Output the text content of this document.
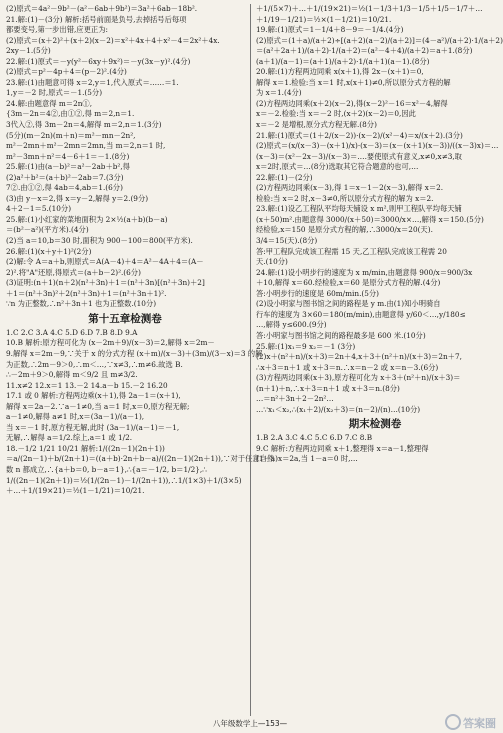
(2)原式＝4a²－9b²－(a²－6ab＋9b²)＝3a²＋6ab－18b².
21.解:(1)－(3分) 解析:括号前面是负号,去掉括号后每项
都要变号,第一步出错,应更正为:
(2)原式＝(x＋2)²＋(x＋2)(x－2)＝x²＋4x＋4＋x²－4＝2x²＋4x.
2xy－1.(5分)
22.解:(1)原式＝－y(y²－6xy＋9x²)＝－y(3x－y)².(4分)
(2)原式＝p²－4p＋4＝(p－2)².(4分)
23.解:(1)由题意可得 x＝2,y＝1,代入原式＝……＝1.
1,y＝－2 时,原式＝－1.(5分)
24.解:由题意得 m＝2n①,
{3m－2n＝4②,由①②,得 m＝2,n＝1.
3代入②,得 3m－2n＝4,解得 m＝2,n＝1.(3分)
(5分)(m－2n)(m＋n)＝m²－mn－2n²,
m²－2mn＋m²－2mn＝2mn,当 m＝2,n＝1 时,
m²－3mn＋n²＝4－6＋1＝－1.(8分)
25.解:(1)由(a－b)²＝a²－2ab＋b²,得
(2)a²＋b²＝(a＋b)²－2ab＝7.(3分)
7②.由①②,得 4ab＝4,ab＝1.(6分)
(3)由 y－x＝2,得 x＝y－2,解得 y＝2.(9分)
4＋2－1＝5.(10分)
25.解:(1)小红家的菜地面积为 2×½(a＋b)(b－a)
＝(b²－a²)(平方米).(4分)
(2)当 a＝10,b＝30 时,面积为 900－100＝800(平方米).
26.解:(1)(x＋y＋1)²(2分)
(2)解:令 A＝a＋b,则原式＝A(A－4)＋4＝A²－4A＋4＝(A－
2)².将"A"还原,得原式＝(a＋b－2)².(6分)
(3)证明:(n＋1)(n＋2)(n²＋3n)＋1＝(n²＋3n)[(n²＋3n)＋2]
＋1＝(n²＋3n)²＋2(n²＋3n)＋1＝(n²＋3n＋1)².
∵n 为正整数,∴n²＋3n＋1 也为正整数.(10分)
第十五章检测卷
1.C 2.C 3.A 4.C 5.D 6.D 7.B 8.D 9.A
10.B 解析:原方程可化为 (x－2m＋9)/(x－3)＝2,解得 x＝2m－
9.解得 x＝2m－9,∵关于 x 的分式方程 (x＋m)/(x－3)＋(3m)/(3－x)＝3 的解
为正数,∴2m－9＞0,∴m＜…,∵x≠3,∴m≠6.故选 B.
∴－2m＋9＞0,解得 m＜9/2 且 m≠3/2.
11.x≠2 12.x＝1 13.－2 14.a－b 15.－2 16.20
17.1 或 0 解析:方程两边乘(x＋1),得 2a－1＝(x＋1),
解得 x＝2a－2.∵a－1≠0,当 a＝1 时,x＝0,原方程无解;
a－1≠0,解得 a≠1 时,x＝(3a－1)/(a－1),
当 x＝－1 时,原方程无解,此时 (3a－1)/(a－1)＝－1,
无解,∴解得 a＝1/2.综上,a＝1 或 1/2.
18.－1/2 1/21 10/21 解析:1/((2n－1)(2n＋1))
＝a/(2n－1)＋b/(2n＋1)＝((a＋b)·2n＋b－a)/((2n－1)(2n＋1)),∵对于任意自然
数 n 都成立,∴{a＋b＝0, b－a＝1},∴{a＝－1/2, b＝1/2},∴
1/((2n－1)(2n＋1))＝½(1/(2n－1)－1/(2n＋1)),∴1/(1×3)＋1/(3×5)
＋…＋1/(19×21)＝½(1－1/21)＝10/21.
＋1/(5×7)＋…＋1/(19×21)＝½(1－1/3＋1/3－1/5＋1/5－1/7＋…
＋1/19－1/21)＝½×(1－1/21)＝10/21.
19.解:(1)原式＝1－1/4＋8－9＝－1/4.(4分)
(2)原式＝(1＋a)/(a＋2)÷[(a＋2)(a－2)/(a＋2)]＝(4－a²)/(a＋2)·1/(a＋2)
＝(a²＋2a＋1)/(a＋2)·1/(a＋2)＝(a²－4＋4)/(a＋2)＝a＋1.(8分)
(a＋1)/(a－1)＝(a＋1)/(a＋2)·1/(a＋1)(a－1).(8分)
20.解:(1)方程两边同乘 x(x＋1),得 2x－(x＋1)＝0,
解得 x＝1.检验:当 x＝1 时,x(x＋1)≠0,所以原分式方程的解
为 x＝1.(4分)
(2)方程两边同乘(x＋2)(x－2),得(x－2)²－16＝x²－4,解得
x＝－2.检验:当 x＝－2 时,(x＋2)(x－2)＝0,因此
x＝－2 是增根,原分式方程无解.(8分)
21.解:(1)原式＝(1＋2/(x－2))·(x－2)/(x²－4)＝x/(x＋2).(3分)
(2)原式＝(x/(x－3)－(x＋1)/x)·(x－3)＝(x－(x＋1)(x－3))/((x－3)x)＝…
(x－3)＝(x²－2x－3)/(x－3)＝….要使原式有意义,x≠0,x≠3,取
x＝2时,原式＝…(8分)选取其它符合题意的也可,…
22.解:(1)－(2分)
(2)方程两边同乘(x－3),得 1＝x－1－2(x－3),解得 x＝2.
检验:当 x＝2 时,x－3≠0,所以原分式方程的解为 x＝2.
23.解:(1)设乙工程队平均每天铺设 x m²,则甲工程队平均每天铺
(x＋50)m².由题意得 3000/(x＋50)＝3000/x×…,解得 x＝150.(5分)
经检验,x＝150 是原分式方程的解,∴3000/x＝20(天).
3/4＝15(天).(8分)
答:甲工程队完成该工程需 15 天,乙工程队完成该工程需 20
天.(10分)
24.解:(1)设小明步行的速度为 x m/min,由题意得 900/x＝900/3x
＋10,解得 x＝60.经检验,x＝60 是原分式方程的解.(4分)
答:小明步行的速度是 60m/min.(5分)
(2)设小明家与图书馆之间的路程是 y m.由(1)知小明骑自
行车的速度为 3×60＝180(m/min),由题意得 y/60＜…,y/180≤
…,解得 y≤600.(9分)
答:小明家与图书馆之间的路程最多是 600 米.(10分)
25.解:(1)x₁＝9 x₂＝－1 (3分)
(2)x＋(n²＋n)/(x＋3)＝2n＋4,x＋3＋(n²＋n)/(x＋3)＝2n＋7,
∴x＋3＝n＋1 或 x＋3＝n.∴x＝n－2 或 x＝n－3.(6分)
(3)方程两边同乘(x＋3),原方程可化为 x＋3＋(n²＋n)/(x＋3)＝
(n＋1)＋n,∴x＋3＝n＋1 或 x＋3＝n.(8分)
…＝n²＋3n＋2－2n²…
…∵x₁＜x₂,∴(x₁＋2)/(x₂＋3)＝(n－2)/(n)…(10分)
期末检测卷
1.B 2.A 3.C 4.C 5.C 6.D 7.C 8.B
9.C 解析:方程两边同乘 x＋1,整理得 x＝a－1,整理得
(1－a)x＝2a,当 1－a＝0 时,…
八年级数学上—153—	答案圈
